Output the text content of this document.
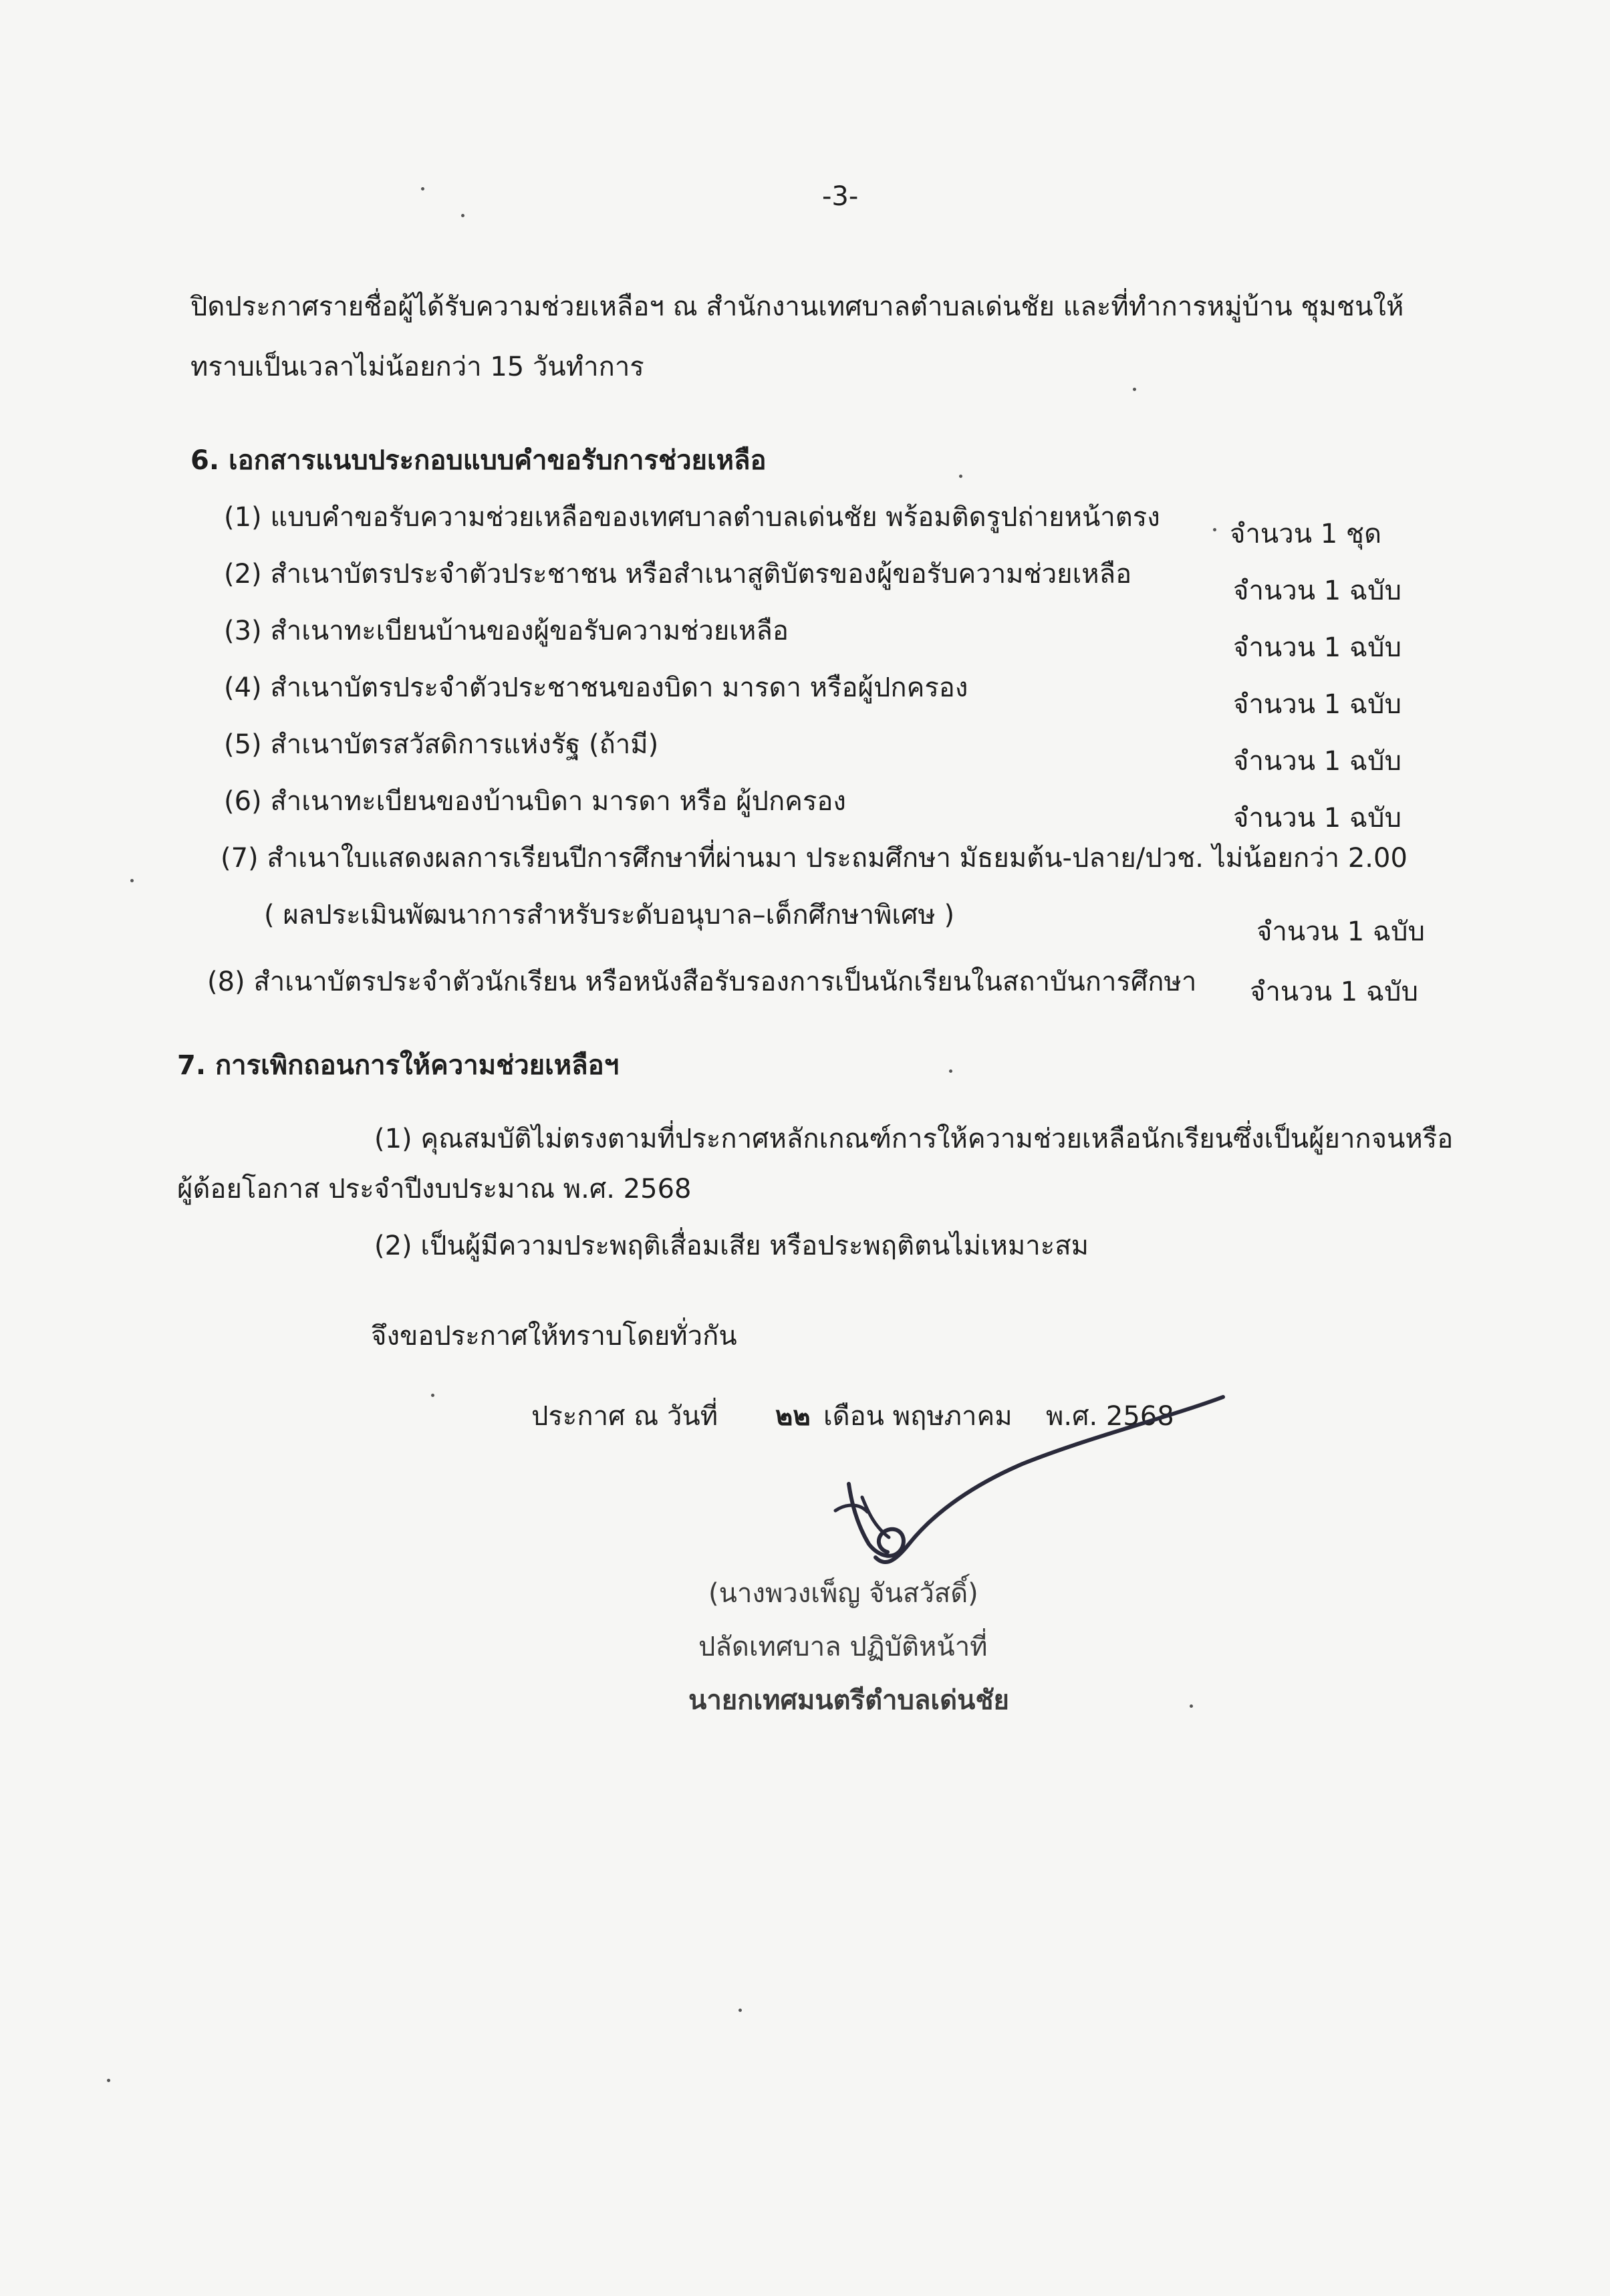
-3-
ปิดประกาศรายชื่อผู้ได้รับความช่วยเหลือฯ ณ สำนักงานเทศบาลตำบลเด่นชัย และที่ทำการหมู่บ้าน ชุมชนให้
ทราบเป็นเวลาไม่น้อยกว่า 15 วันทำการ
6. เอกสารแนบประกอบแบบคำขอรับการช่วยเหลือ
(1) แบบคำขอรับความช่วยเหลือของเทศบาลตำบลเด่นชัย พร้อมติดรูปถ่ายหน้าตรง
จำนวน 1 ชุด
(2) สำเนาบัตรประจำตัวประชาชน หรือสำเนาสูติบัตรของผู้ขอรับความช่วยเหลือ
จำนวน 1 ฉบับ
(3) สำเนาทะเบียนบ้านของผู้ขอรับความช่วยเหลือ
จำนวน 1 ฉบับ
(4) สำเนาบัตรประจำตัวประชาชนของบิดา มารดา หรือผู้ปกครอง
จำนวน 1 ฉบับ
(5) สำเนาบัตรสวัสดิการแห่งรัฐ (ถ้ามี)
จำนวน 1 ฉบับ
(6) สำเนาทะเบียนของบ้านบิดา มารดา หรือ ผู้ปกครอง
จำนวน 1 ฉบับ
(7) สำเนาใบแสดงผลการเรียนปีการศึกษาที่ผ่านมา ประถมศึกษา มัธยมต้น-ปลาย/ปวช. ไม่น้อยกว่า 2.00
( ผลประเมินพัฒนาการสำหรับระดับอนุบาล–เด็กศึกษาพิเศษ )
จำนวน 1 ฉบับ
(8) สำเนาบัตรประจำตัวนักเรียน หรือหนังสือรับรองการเป็นนักเรียนในสถาบันการศึกษา จำนวน 1 ฉบับ
7. การเพิกถอนการให้ความช่วยเหลือฯ
(1) คุณสมบัติไม่ตรงตามที่ประกาศหลักเกณฑ์การให้ความช่วยเหลือนักเรียนซึ่งเป็นผู้ยากจนหรือ
ผู้ด้อยโอกาส ประจำปีงบประมาณ พ.ศ. 2568
(2) เป็นผู้มีความประพฤติเสื่อมเสีย หรือประพฤติตนไม่เหมาะสม
จึงขอประกาศให้ทราบโดยทั่วกัน
ประกาศ ณ วันที่ ๒๒ เดือน พฤษภาคม พ.ศ. 2568
(นางพวงเพ็ญ จันสวัสดิ์)
ปลัดเทศบาล ปฏิบัติหน้าที่
นายกเทศมนตรีตำบลเด่นชัย
